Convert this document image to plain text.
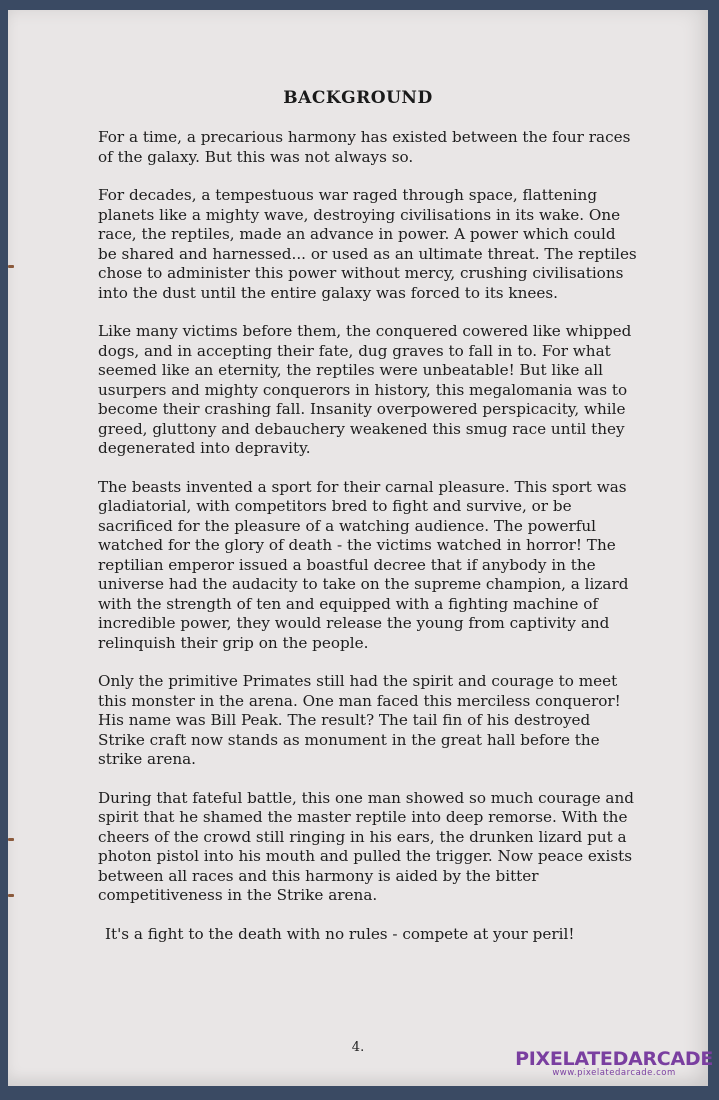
BACKGROUND

For a time, a precarious harmony has existed between the four races of the galaxy. But this was not always so.

For decades, a tempestuous war raged through space, flattening planets like a mighty wave, destroying civilisations in its wake. One race, the reptiles, made an advance in power. A power which could be shared and harnessed... or used as an ultimate threat. The reptiles chose to administer this power without mercy, crushing civilisations into the dust until the entire galaxy was forced to its knees.

Like many victims before them, the conquered cowered like whipped dogs, and in accepting their fate, dug graves to fall in to. For what seemed like an eternity, the reptiles were unbeatable! But like all usurpers and mighty conquerors in history, this megalomania was to become their crashing fall. Insanity overpowered perspicacity, while greed, gluttony and debauchery weakened this smug race until they degenerated into depravity.

The beasts invented a sport for their carnal pleasure. This sport was gladiatorial, with competitors bred to fight and survive, or be sacrificed for the pleasure of a watching audience. The powerful watched for the glory of death - the victims watched in horror! The reptilian emperor issued a boastful decree that if anybody in the universe had the audacity to take on the supreme champion, a lizard with the strength of ten and equipped with a fighting machine of incredible power, they would release the young from captivity and relinquish their grip on the people.

Only the primitive Primates still had the spirit and courage to meet this monster in the arena. One man faced this merciless conqueror! His name was Bill Peak. The result? The tail fin of his destroyed Strike craft now stands as monument in the great hall before the strike arena.

During that fateful battle, this one man showed so much courage and spirit that he shamed the master reptile into deep remorse. With the cheers of the crowd still ringing in his ears, the drunken lizard put a photon pistol into his mouth and pulled the trigger. Now peace exists between all races and this harmony is aided by the bitter competitiveness in the Strike arena.

It's a fight to the death with no rules - compete at your peril!

4.
PIXELATEDARCADE
www.pixelatedarcade.com
